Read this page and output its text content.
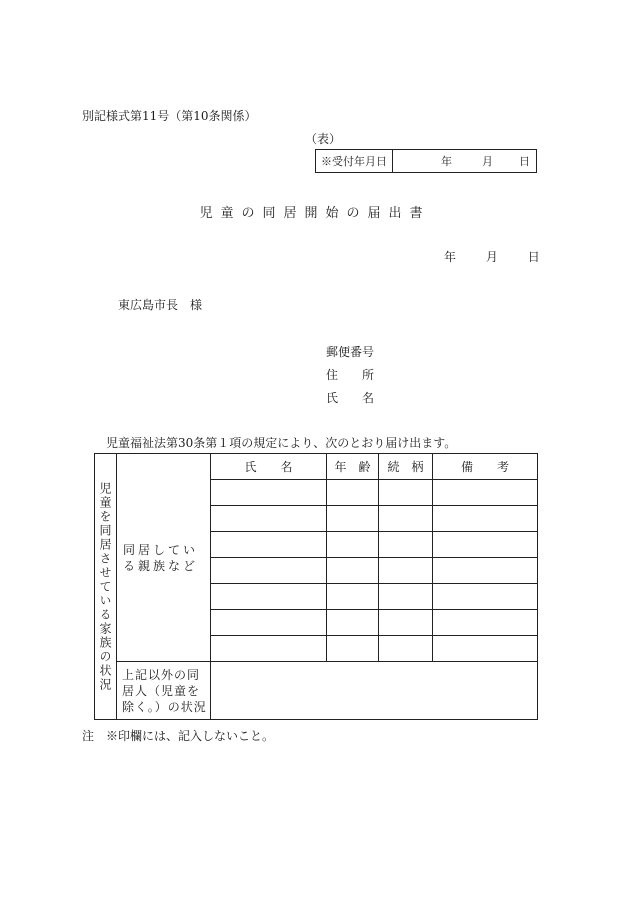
別記様式第11号（第10条関係）
（表）
※受付年月日	年	月 日
児童の同居開始の届出書
年 月 日
東広島市長　様
郵便番号
住　　所
氏　　名
児童福祉法第30条第１項の規定により、次のとおり届け出ます。
児童を同居させている家族の状況	同居している親族など	氏　　名	年　齢	続　柄	備　　考

	上記以外の同居人（児童を除く。）の状況				
注　※印欄には、記入しないこと。
